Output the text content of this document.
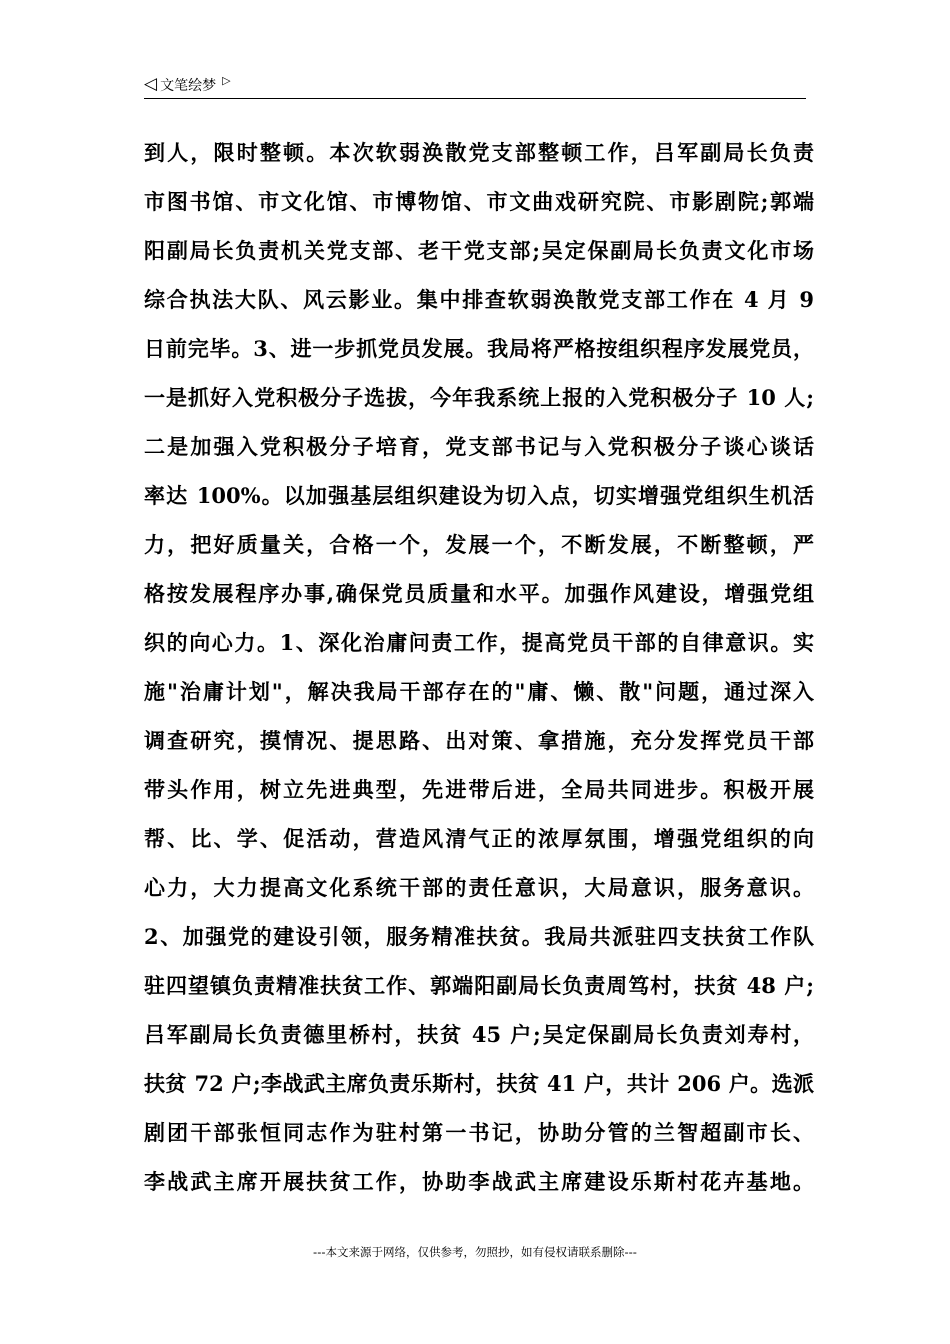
◁ 文笔绘梦 ▷
到人，限时整顿。本次软弱涣散党支部整顿工作，吕军副局长负责
市图书馆、市文化馆、市博物馆、市文曲戏研究院、市影剧院;郭端
阳副局长负责机关党支部、老干党支部;吴定保副局长负责文化市场
综合执法大队、风云影业。集中排查软弱涣散党支部工作在 4 月 9
日前完毕。3、进一步抓党员发展。我局将严格按组织程序发展党员，
一是抓好入党积极分子选拔，今年我系统上报的入党积极分子 10 人;
二是加强入党积极分子培育，党支部书记与入党积极分子谈心谈话
率达 100%。以加强基层组织建设为切入点，切实增强党组织生机活
力，把好质量关，合格一个，发展一个，不断发展，不断整顿，严
格按发展程序办事,确保党员质量和水平。加强作风建设，增强党组
织的向心力。1、深化治庸问责工作，提高党员干部的自律意识。实
施"治庸计划"，解决我局干部存在的"庸、懒、散"问题，通过深入
调查研究，摸情况、提思路、出对策、拿措施，充分发挥党员干部
带头作用，树立先进典型，先进带后进，全局共同进步。积极开展
帮、比、学、促活动，营造风清气正的浓厚氛围，增强党组织的向
心力，大力提高文化系统干部的责任意识，大局意识，服务意识。
2、加强党的建设引领，服务精准扶贫。我局共派驻四支扶贫工作队
驻四望镇负责精准扶贫工作、郭端阳副局长负责周笃村，扶贫 48 户;
吕军副局长负责德里桥村，扶贫 45 户;吴定保副局长负责刘寿村，
扶贫 72 户;李战武主席负责乐斯村，扶贫 41 户，共计 206 户。选派
剧团干部张恒同志作为驻村第一书记，协助分管的兰智超副市长、
李战武主席开展扶贫工作，协助李战武主席建设乐斯村花卉基地。
---本文来源于网络，仅供参考，勿照抄，如有侵权请联系删除---
